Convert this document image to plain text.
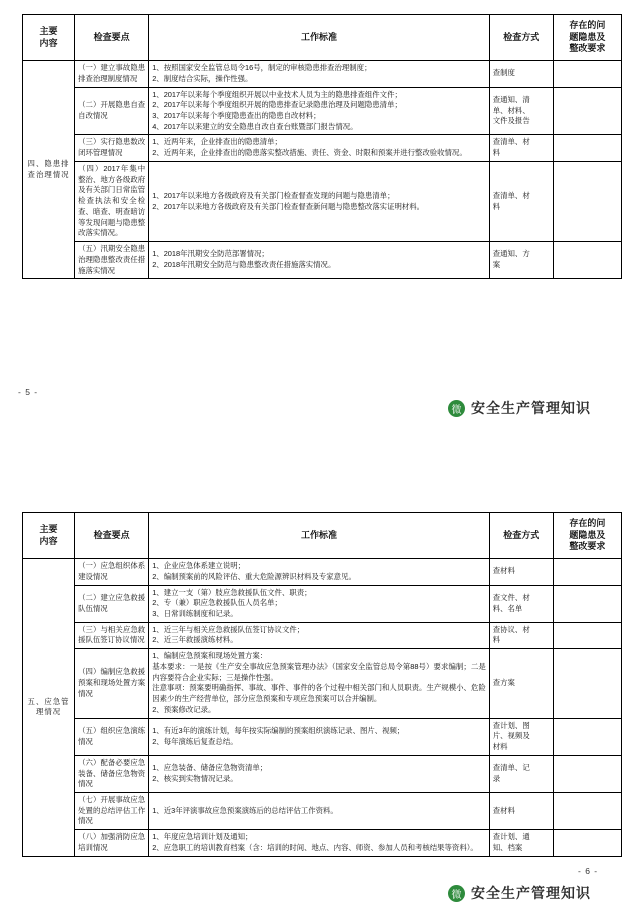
主要
内容	检查要点	工作标准	检查方式	存在的问
题隐患及
整改要求

四、隐患排查治理情况	（一）建立事故隐患排查治理制度情况	1、按照国家安全监管总局令16号，制定的审核隐患排查治理制度；
2、制度结合实际，操作性强。	查制度	

	（二）开展隐患自查自改情况	1、2017年以来每个季度组织开展以中业技术人员为主的隐患排查组件文件；
2、2017年以来每个季度组织开展的隐患排查记录隐患治理及问题隐患清单；
3、2017年以来每个季度隐患查出的隐患自改材料；
4、2017年以来建立的安全隐患自改自查台账暨部门报告情况。	查通知、清
单、材料、
文件及报告	

	（三）实行隐患数改闭环管理情况	1、近两年来，企业排查出的隐患清单；
2、近两年来，企业排查出的隐患落实整改措施、责任、资金、时限和预案并进行整改验收情况。	查清单、材
料	

	（四）2017年集中整治、地方各级政府及有关部门日常监管检查执法和安全检查、暗查、明查暗访等发现问题与隐患整改落实情况。	1、2017年以来地方各级政府及有关部门检查督查发现的问题与隐患清单；
2、2017年以来地方各级政府及有关部门检查督查新问题与隐患整改落实证明材料。	查清单、材
料	

	（五）汛期安全隐患治理隐患整改责任措施落实情况	1、2018年汛期安全防范部署情况；
2、2018年汛期安全防范与隐患整改责任措施落实情况。	查通知、方
案	

- 5 -
微 安全生产管理知识
主要
内容	检查要点	工作标准	检查方式	存在的问
题隐患及
整改要求

五、应急管理情况	（一）应急组织体系建设情况	1、企业应急体系建立说明；
2、编制预案前的风险评估、重大危险源辨识材料及专家意见。	查材料	

	（二）建立应急救援队伍情况	1、建立一支（第）肢应急救援队伍文件、职责；
2、专（兼）职应急救援队伍人员名单；
3、日常训练制度和记录。	查文件、材
料、名单	

	（三）与相关应急救援队伍签订协议情况	1、近三年与相关应急救援队伍签订协议文件；
2、近三年救援演练材料。	查协议、材
料	

	（四）编制应急救援预案和现场处置方案情况	1、编制应急预案和现场处置方案：
基本要求：一是按《生产安全事故应急预案管理办法》（国家安全监管总局令第88号）要求编制；二是内容要符合企业实际；三是操作性强。
注意事项：预案要明确指挥、事故、事件、事件的各个过程中相关部门和人员职责。生产规模小、危险因素少的生产经营单位，部分应急预案和专项应急预案可以合并编制。
2、预案修改记录。	查方案	

	（五）组织应急演练情况	1、有近3年的演练计划，每年按实际编制的预案组织演练记录、图片、视频；
2、每年演练后复查总结。	查计划、图
片、视频及
材料	

	（六）配备必要应急装备、储备应急物资情况	1、应急装备、储备应急物资清单；
2、核实到实物情况记录。	查清单、记
录	

	（七）开展事故应急处置的总结评估工作情况	1、近3年评演事故应急预案演练后的总结评估工作资料。	查材料	

	（八）加强消防应急培训情况	1、年度应急培训计划及通知；
2、应急职工的培训教育档案（含：培训的时间、地点、内容、师资、参加人员和考核结果等资料）。	查计划、通
知、档案	

- 6 -
微 安全生产管理知识
